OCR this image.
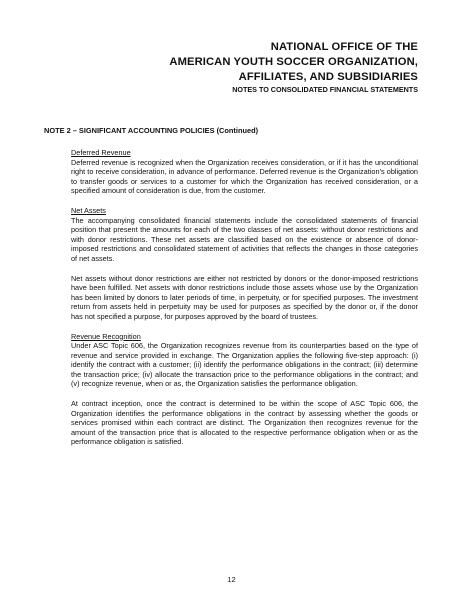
NATIONAL OFFICE OF THE
AMERICAN YOUTH SOCCER ORGANIZATION,
AFFILIATES, AND SUBSIDIARIES
NOTES TO CONSOLIDATED FINANCIAL STATEMENTS
NOTE 2 – SIGNIFICANT ACCOUNTING POLICIES (Continued)
Deferred Revenue

Deferred revenue is recognized when the Organization receives consideration, or if it has the unconditional right to receive consideration, in advance of performance. Deferred revenue is the Organization’s obligation to transfer goods or services to a customer for which the Organization has received consideration, or a specified amount of consideration is due, from the customer.

Net Assets

The accompanying consolidated financial statements include the consolidated statements of financial position that present the amounts for each of the two classes of net assets: without donor restrictions and with donor restrictions. These net assets are classified based on the existence or absence of donor-imposed restrictions and consolidated statement of activities that reflects the changes in those categories of net assets.

Net assets without donor restrictions are either not restricted by donors or the donor-imposed restrictions have been fulfilled. Net assets with donor restrictions include those assets whose use by the Organization has been limited by donors to later periods of time, in perpetuity, or for specified purposes. The investment return from assets held in perpetuity may be used for purposes as specified by the donor or, if the donor has not specified a purpose, for purposes approved by the board of trustees.

Revenue Recognition

Under ASC Topic 606, the Organization recognizes revenue from its counterparties based on the type of revenue and service provided in exchange. The Organization applies the following five-step approach: (i) identify the contract with a customer; (ii) identify the performance obligations in the contract; (iii) determine the transaction price; (iv) allocate the transaction price to the performance obligations in the contract; and (v) recognize revenue, when or as, the Organization satisfies the performance obligation.

At contract inception, once the contract is determined to be within the scope of ASC Topic 606, the Organization identifies the performance obligations in the contract by assessing whether the goods or services promised within each contract are distinct. The Organization then recognizes revenue for the amount of the transaction price that is allocated to the respective performance obligation when or as the performance obligation is satisfied.

12
